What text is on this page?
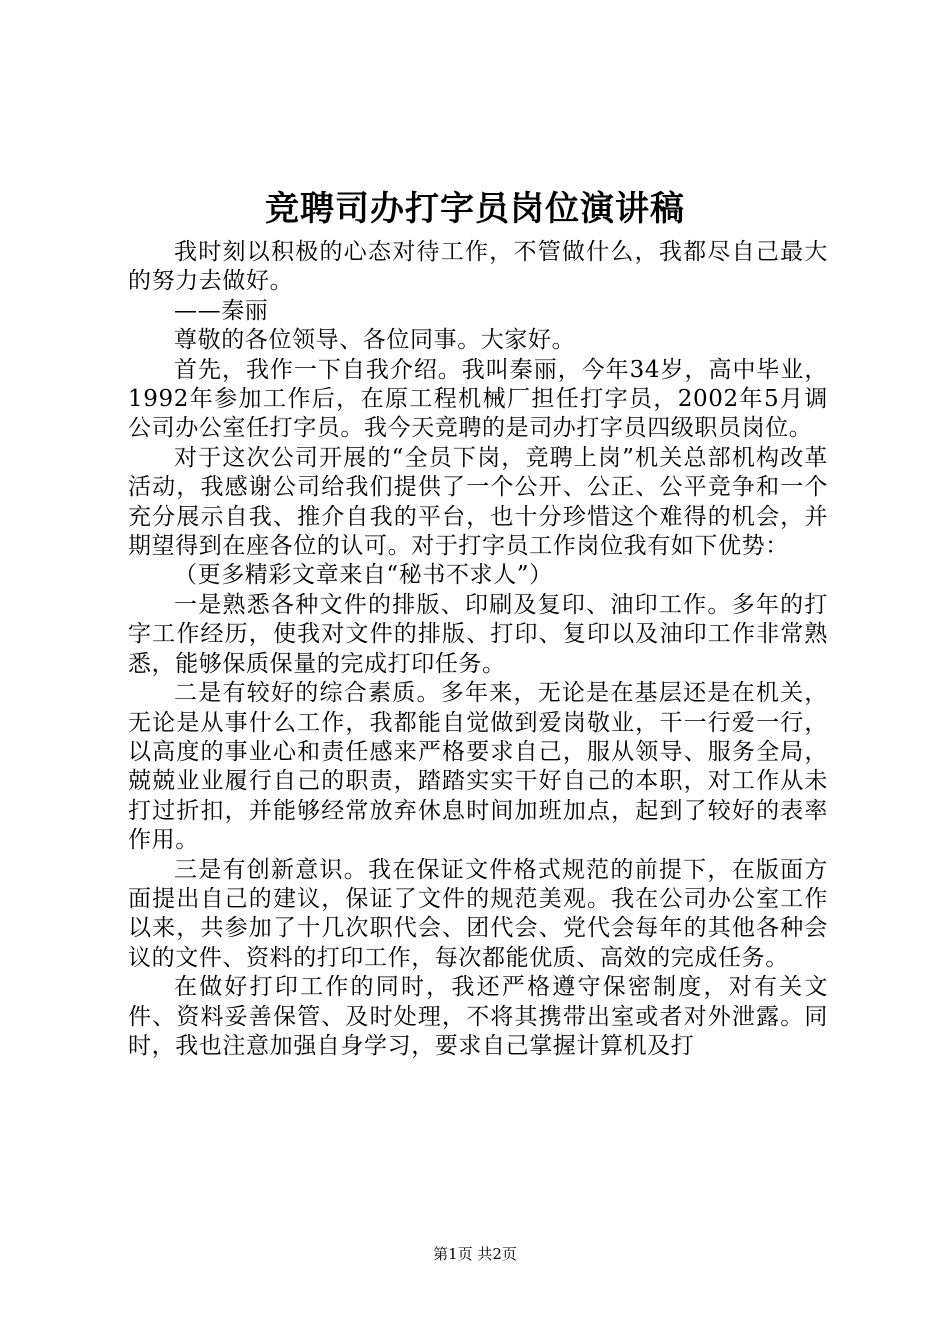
竞聘司办打字员岗位演讲稿

我时刻以积极的心态对待工作，不管做什么，我都尽自己最大的努力去做好。

——秦丽

尊敬的各位领导、各位同事。大家好。

首先，我作一下自我介绍。我叫秦丽，今年34岁，高中毕业，1992年参加工作后，在原工程机械厂担任打字员，2002年5月调公司办公室任打字员。我今天竞聘的是司办打字员四级职员岗位。

对于这次公司开展的“全员下岗，竞聘上岗”机关总部机构改革活动，我感谢公司给我们提供了一个公开、公正、公平竞争和一个充分展示自我、推介自我的平台，也十分珍惜这个难得的机会，并期望得到在座各位的认可。对于打字员工作岗位我有如下优势：

（更多精彩文章来自“秘书不求人”）

一是熟悉各种文件的排版、印刷及复印、油印工作。多年的打字工作经历，使我对文件的排版、打印、复印以及油印工作非常熟悉，能够保质保量的完成打印任务。

二是有较好的综合素质。多年来，无论是在基层还是在机关，无论是从事什么工作，我都能自觉做到爱岗敬业，干一行爱一行，以高度的事业心和责任感来严格要求自己，服从领导、服务全局，兢兢业业履行自己的职责，踏踏实实干好自己的本职，对工作从未打过折扣，并能够经常放弃休息时间加班加点，起到了较好的表率作用。

三是有创新意识。我在保证文件格式规范的前提下，在版面方面提出自己的建议，保证了文件的规范美观。我在公司办公室工作以来，共参加了十几次职代会、团代会、党代会每年的其他各种会议的文件、资料的打印工作，每次都能优质、高效的完成任务。

在做好打印工作的同时，我还严格遵守保密制度，对有关文件、资料妥善保管、及时处理，不将其携带出室或者对外泄露。同时，我也注意加强自身学习，要求自己掌握计算机及打

第1页 共2页
